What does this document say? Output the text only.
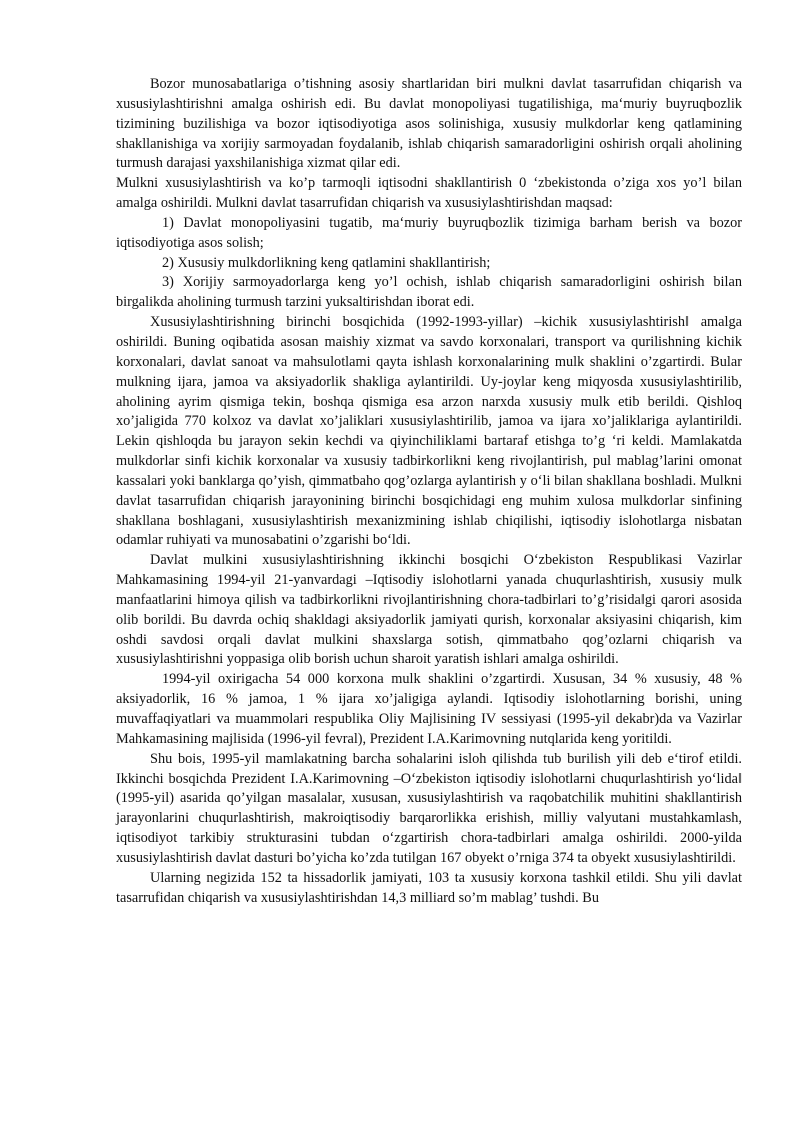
Bozor munosabatlariga o’tishning asosiy shartlaridan biri mulkni davlat tasarrufidan chiqarish va xususiylashtirishni amalga oshirish edi. Bu davlat monopoliyasi tugatilishiga, ma‘muriy buyruqbozlik tizimining buzilishiga va bozor iqtisodiyotiga asos solinishiga, xususiy mulkdorlar keng qatlamining shakllanishiga va xorijiy sarmoyadan foydalanib, ishlab chiqarish samaradorligini oshirish orqali aholining turmush darajasi yaxshilanishiga xizmat qilar edi.

Mulkni xususiylashtirish va ko’p tarmoqli iqtisodni shakllantirish 0 ‘zbekistonda o’ziga xos yo’l bilan amalga oshirildi. Mulkni davlat tasarrufidan chiqarish va xususiylashtirishdan maqsad:

1) Davlat monopoliyasini tugatib, ma‘muriy buyruqbozlik tizimiga barham berish va bozor iqtisodiyotiga asos solish;

2) Xususiy mulkdorlikning keng qatlamini shakllantirish;

3) Xorijiy sarmoyadorlarga keng yo’l ochish, ishlab chiqarish samaradorligini oshirish bilan birgalikda aholining turmush tarzini yuksaltirishdan iborat edi.

Xususiylashtirishning birinchi bosqichida (1992-1993-yillar) –kichik xususiylashtirish‖ amalga oshirildi. Buning oqibatida asosan maishiy xizmat va savdo korxonalari, transport va qurilishning kichik korxonalari, davlat sanoat va mahsulotlami qayta ishlash korxonalarining mulk shaklini o’zgartirdi. Bular mulkning ijara, jamoa va aksiyadorlik shakliga aylantirildi. Uy-joylar keng miqyosda xususiylashtirilib, aholining ayrim qismiga tekin, boshqa qismiga esa arzon narxda xususiy mulk etib berildi. Qishloq xo’jaligida 770 kolxoz va davlat xo’jaliklari xususiylashtirilib, jamoa va ijara xo’jaliklariga aylantirildi. Lekin qishloqda bu jarayon sekin kechdi va qiyinchiliklami bartaraf etishga to’g ‘ri keldi. Mamlakatda mulkdorlar sinfi kichik korxonalar va xususiy tadbirkorlikni keng rivojlantirish, pul mablag’larini omonat kassalari yoki banklarga qo’yish, qimmatbaho qog’ozlarga aylantirish y o‘li bilan shakllana boshladi. Mulkni davlat tasarrufidan chiqarish jarayonining birinchi bosqichidagi eng muhim xulosa mulkdorlar sinfining shakllana boshlagani, xususiylashtirish mexanizmining ishlab chiqilishi, iqtisodiy islohotlarga nisbatan odamlar ruhiyati va munosabatini o’zgarishi bo‘ldi.

Davlat mulkini xususiylashtirishning ikkinchi bosqichi O‘zbekiston Respublikasi Vazirlar Mahkamasining 1994-yil 21-yanvardagi –Iqtisodiy islohotlarni yanada chuqurlashtirish, xususiy mulk manfaatlarini himoya qilish va tadbirkorlikni rivojlantirishning chora-tadbirlari to’g’risida‖gi qarori asosida olib borildi. Bu davrda ochiq shakldagi aksiyadorlik jamiyati qurish, korxonalar aksiyasini chiqarish, kim oshdi savdosi orqali davlat mulkini shaxslarga sotish, qimmatbaho qog’ozlarni chiqarish va xususiylashtirishni yoppasiga olib borish uchun sharoit yaratish ishlari amalga oshirildi.

1994-yil oxirigacha 54 000 korxona mulk shaklini o’zgartirdi. Xususan, 34 % xususiy, 48 % aksiyadorlik, 16 % jamoa, 1 % ijara xo’jaligiga aylandi. Iqtisodiy islohotlarning borishi, uning muvaffaqiyatlari va muammolari respublika Oliy Majlisining IV sessiyasi (1995-yil dekabr)da va Vazirlar Mahkamasining majlisida (1996-yil fevral), Prezident I.A.Karimovning nutqlarida keng yoritildi.

Shu bois, 1995-yil mamlakatning barcha sohalarini isloh qilishda tub burilish yili deb e‘tirof etildi. Ikkinchi bosqichda Prezident I.A.Karimovning –O‘zbekiston iqtisodiy islohotlarni chuqurlashtirish yo‘lida‖ (1995-yil) asarida qo’yilgan masalalar, xususan, xususiylashtirish va raqobatchilik muhitini shakllantirish jarayonlarini chuqurlashtirish, makroiqtisodiy barqarorlikka erishish, milliy valyutani mustahkamlash, iqtisodiyot tarkibiy strukturasini tubdan o‘zgartirish chora-tadbirlari amalga oshirildi. 2000-yilda xususiylashtirish davlat dasturi bo’yicha ko’zda tutilgan 167 obyekt o’rniga 374 ta obyekt xususiylashtirildi.

Ularning negizida 152 ta hissadorlik jamiyati, 103 ta xususiy korxona tashkil etildi. Shu yili davlat tasarrufidan chiqarish va xususiylashtirishdan 14,3 milliard so’m mablag’ tushdi. Bu
